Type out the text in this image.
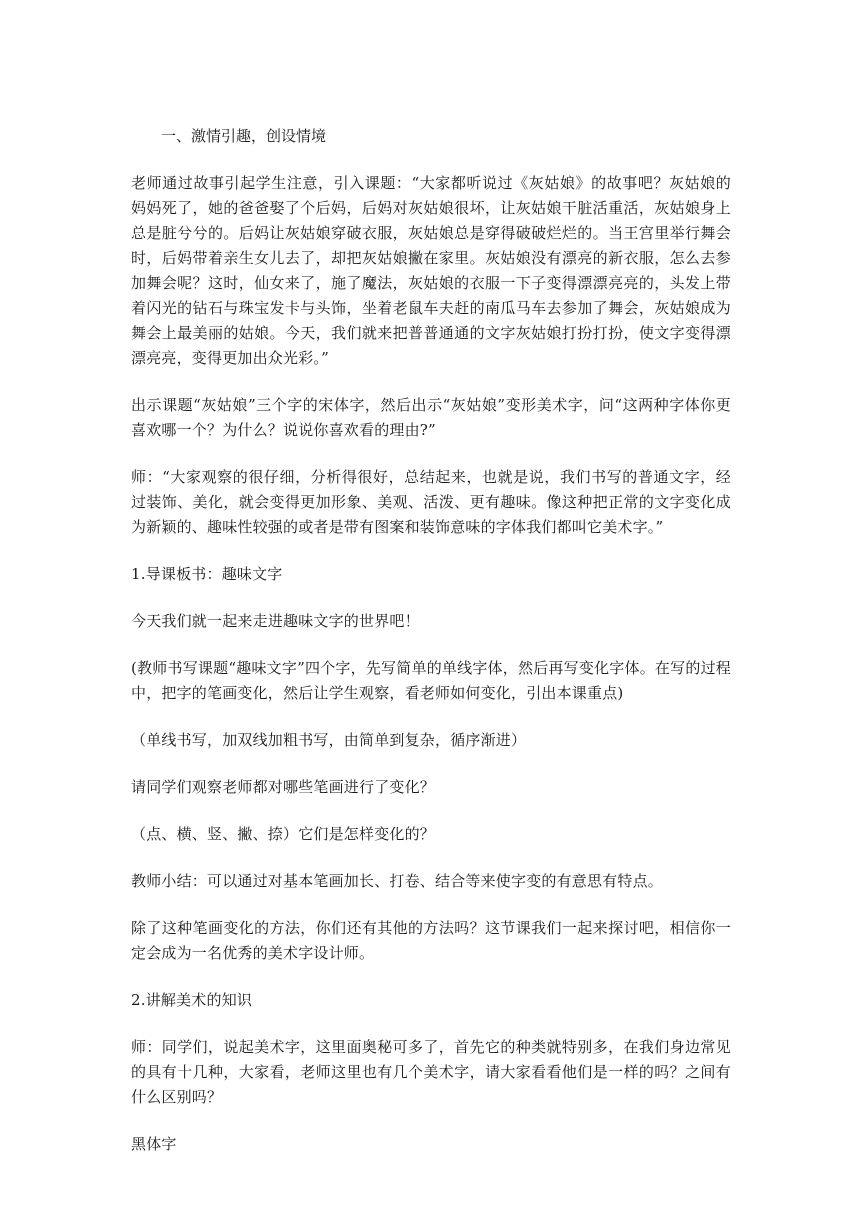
一、激情引趣，创设情境

老师通过故事引起学生注意，引入课题：“大家都听说过《灰姑娘》的故事吧？灰姑娘的妈妈死了，她的爸爸娶了个后妈，后妈对灰姑娘很坏，让灰姑娘干脏活重活，灰姑娘身上总是脏兮兮的。后妈让灰姑娘穿破衣服，灰姑娘总是穿得破破烂烂的。当王宫里举行舞会时，后妈带着亲生女儿去了，却把灰姑娘撇在家里。灰姑娘没有漂亮的新衣服，怎么去参加舞会呢？这时，仙女来了，施了魔法，灰姑娘的衣服一下子变得漂漂亮亮的，头发上带着闪光的钻石与珠宝发卡与头饰，坐着老鼠车夫赶的南瓜马车去参加了舞会，灰姑娘成为舞会上最美丽的姑娘。今天，我们就来把普普通通的文字灰姑娘打扮打扮，使文字变得漂漂亮亮，变得更加出众光彩。”

出示课题“灰姑娘”三个字的宋体字，然后出示“灰姑娘”变形美术字，问“这两种字体你更喜欢哪一个？为什么？说说你喜欢看的理由?”

师：“大家观察的很仔细，分析得很好，总结起来，也就是说，我们书写的普通文字，经过装饰、美化，就会变得更加形象、美观、活泼、更有趣味。像这种把正常的文字变化成为新颖的、趣味性较强的或者是带有图案和装饰意味的字体我们都叫它美术字。”

1.导课板书：趣味文字

今天我们就一起来走进趣味文字的世界吧！

(教师书写课题“趣味文字”四个字，先写简单的单线字体，然后再写变化字体。在写的过程中，把字的笔画变化，然后让学生观察，看老师如何变化，引出本课重点)

（单线书写，加双线加粗书写，由简单到复杂，循序渐进）

请同学们观察老师都对哪些笔画进行了变化？

（点、横、竖、撇、捺）它们是怎样变化的？

教师小结：可以通过对基本笔画加长、打卷、结合等来使字变的有意思有特点。

除了这种笔画变化的方法，你们还有其他的方法吗？这节课我们一起来探讨吧，相信你一定会成为一名优秀的美术字设计师。

2.讲解美术的知识

师：同学们，说起美术字，这里面奥秘可多了，首先它的种类就特别多，在我们身边常见的具有十几种，大家看，老师这里也有几个美术字，请大家看看他们是一样的吗？之间有什么区别吗？

黑体字
